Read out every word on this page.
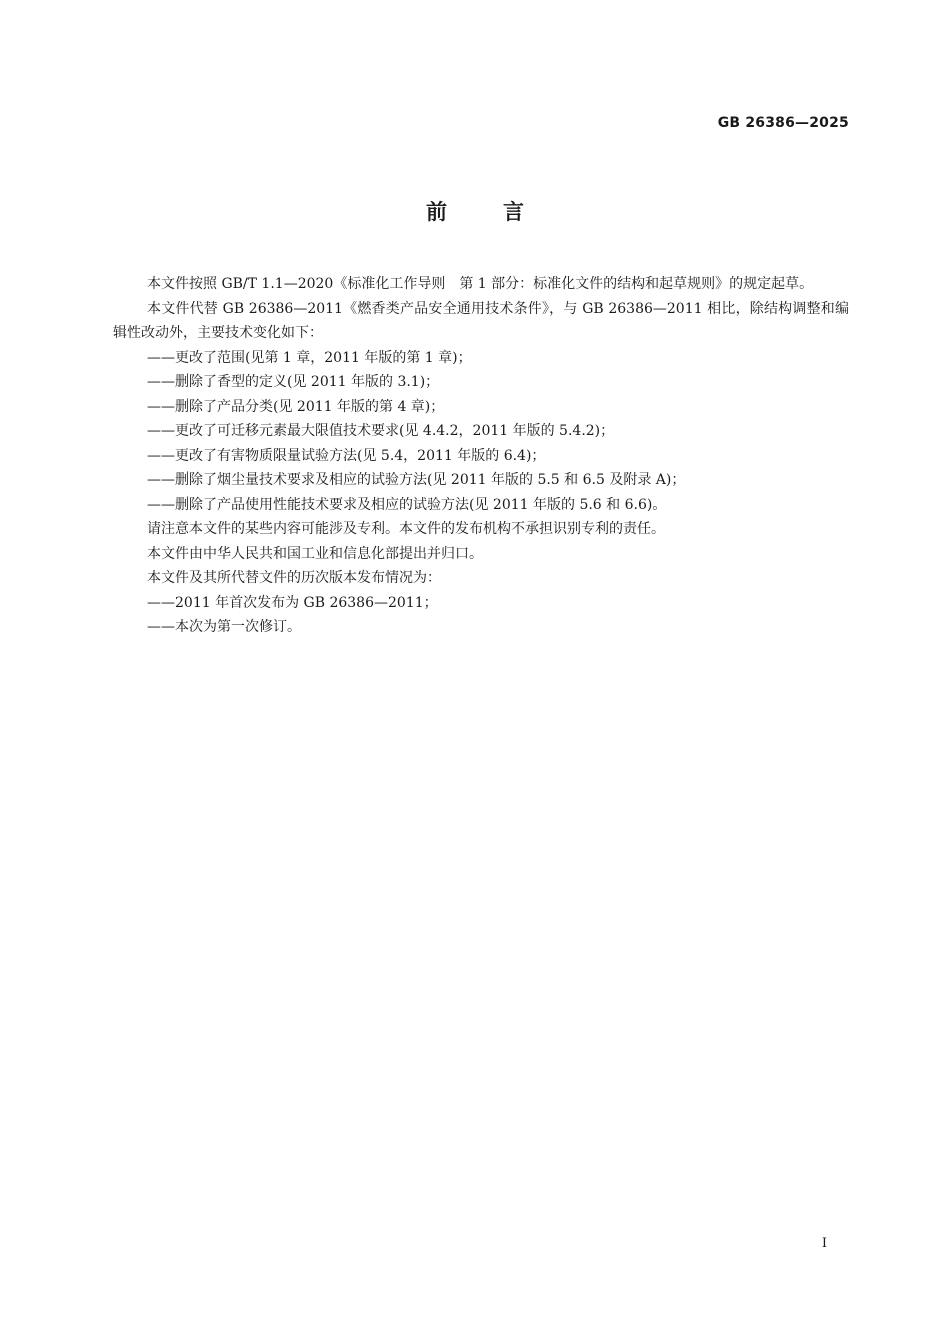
GB 26386—2025
前言

本文件按照 GB/T 1.1—2020《标准化工作导则　第 1 部分：标准化文件的结构和起草规则》的规定起草。

本文件代替 GB 26386—2011《燃香类产品安全通用技术条件》，与 GB 26386—2011 相比，除结构调整和编辑性改动外，主要技术变化如下：

——更改了范围(见第 1 章，2011 年版的第 1 章)；

——删除了香型的定义(见 2011 年版的 3.1)；

——删除了产品分类(见 2011 年版的第 4 章)；

——更改了可迁移元素最大限值技术要求(见 4.4.2，2011 年版的 5.4.2)；

——更改了有害物质限量试验方法(见 5.4，2011 年版的 6.4)；

——删除了烟尘量技术要求及相应的试验方法(见 2011 年版的 5.5 和 6.5 及附录 A)；

——删除了产品使用性能技术要求及相应的试验方法(见 2011 年版的 5.6 和 6.6)。

请注意本文件的某些内容可能涉及专利。本文件的发布机构不承担识别专利的责任。

本文件由中华人民共和国工业和信息化部提出并归口。

本文件及其所代替文件的历次版本发布情况为：

——2011 年首次发布为 GB 26386—2011；

——本次为第一次修订。

I
